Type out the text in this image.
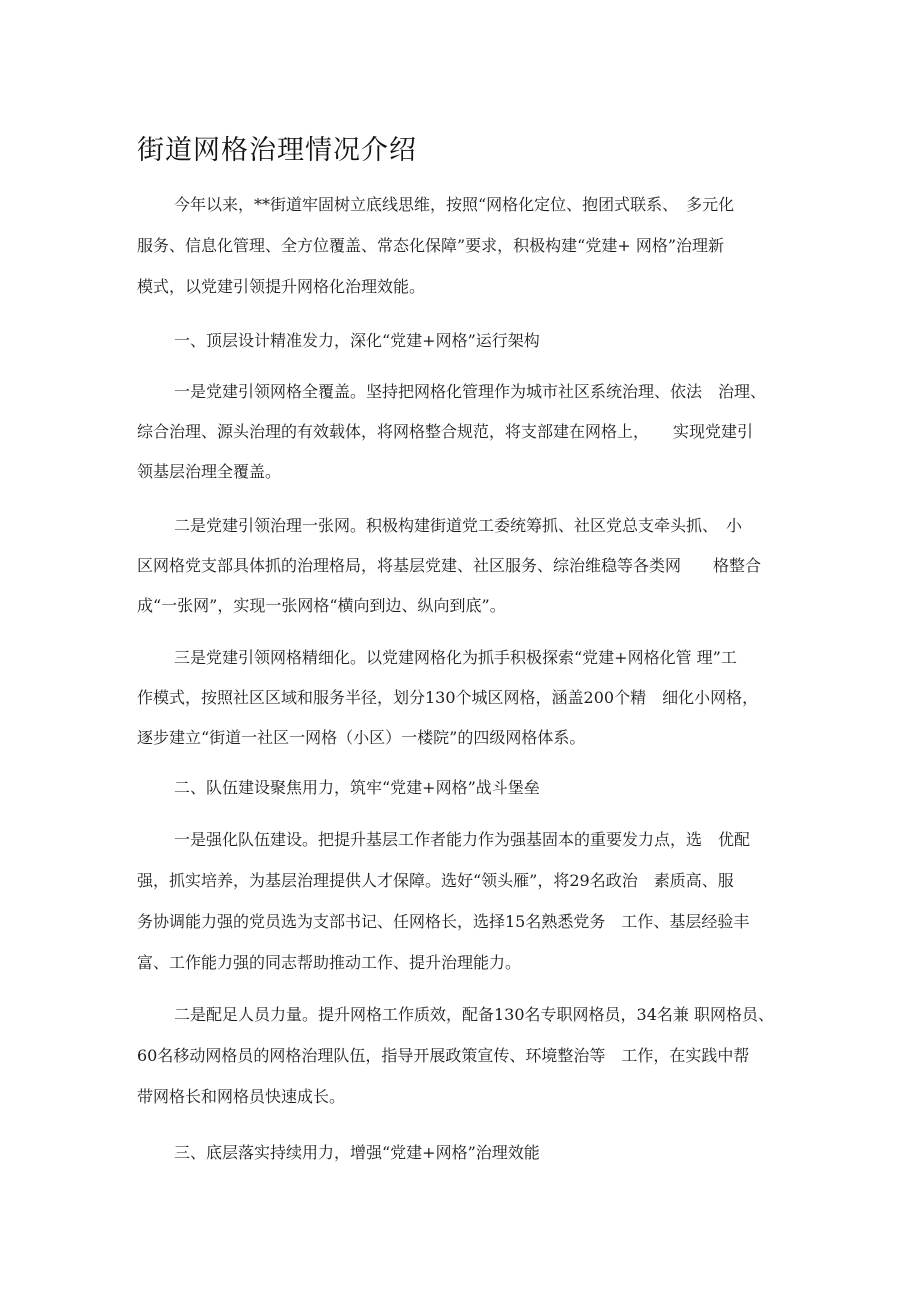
街道网格治理情况介绍
今年以来，**街道牢固树立底线思维，按照“网格化定位、抱团式联系、　多元化
服务、信息化管理、全方位覆盖、常态化保障”要求，积极构建“党建+ 网格”治理新
模式，以党建引领提升网格化治理效能。
一、顶层设计精准发力，深化“党建+网格”运行架构
一是党建引领网格全覆盖。坚持把网格化管理作为城市社区系统治理、依法　治理、
综合治理、源头治理的有效载体，将网格整合规范，将支部建在网格上，　　实现党建引
领基层治理全覆盖。
二是党建引领治理一张网。积极构建街道党工委统筹抓、社区党总支牵头抓、　小
区网格党支部具体抓的治理格局，将基层党建、社区服务、综治维稳等各类网　　格整合
成“一张网”，实现一张网格“横向到边、纵向到底”。
三是党建引领网格精细化。以党建网格化为抓手积极探索“党建+网格化管 理”工
作模式，按照社区区域和服务半径，划分130个城区网格，涵盖200个精　细化小网格，
逐步建立“街道一社区一网格（小区）一楼院”的四级网格体系。
二、队伍建设聚焦用力，筑牢“党建+网格”战斗堡垒
一是强化队伍建设。把提升基层工作者能力作为强基固本的重要发力点，选　优配
强，抓实培养，为基层治理提供人才保障。选好“领头雁”，将29名政治　素质高、服
务协调能力强的党员选为支部书记、任网格长，选择15名熟悉党务　工作、基层经验丰
富、工作能力强的同志帮助推动工作、提升治理能力。
二是配足人员力量。提升网格工作质效，配备130名专职网格员，34名兼 职网格员、
60名移动网格员的网格治理队伍，指导开展政策宣传、环境整治等　工作，在实践中帮
带网格长和网格员快速成长。
三、底层落实持续用力，增强“党建+网格”治理效能
